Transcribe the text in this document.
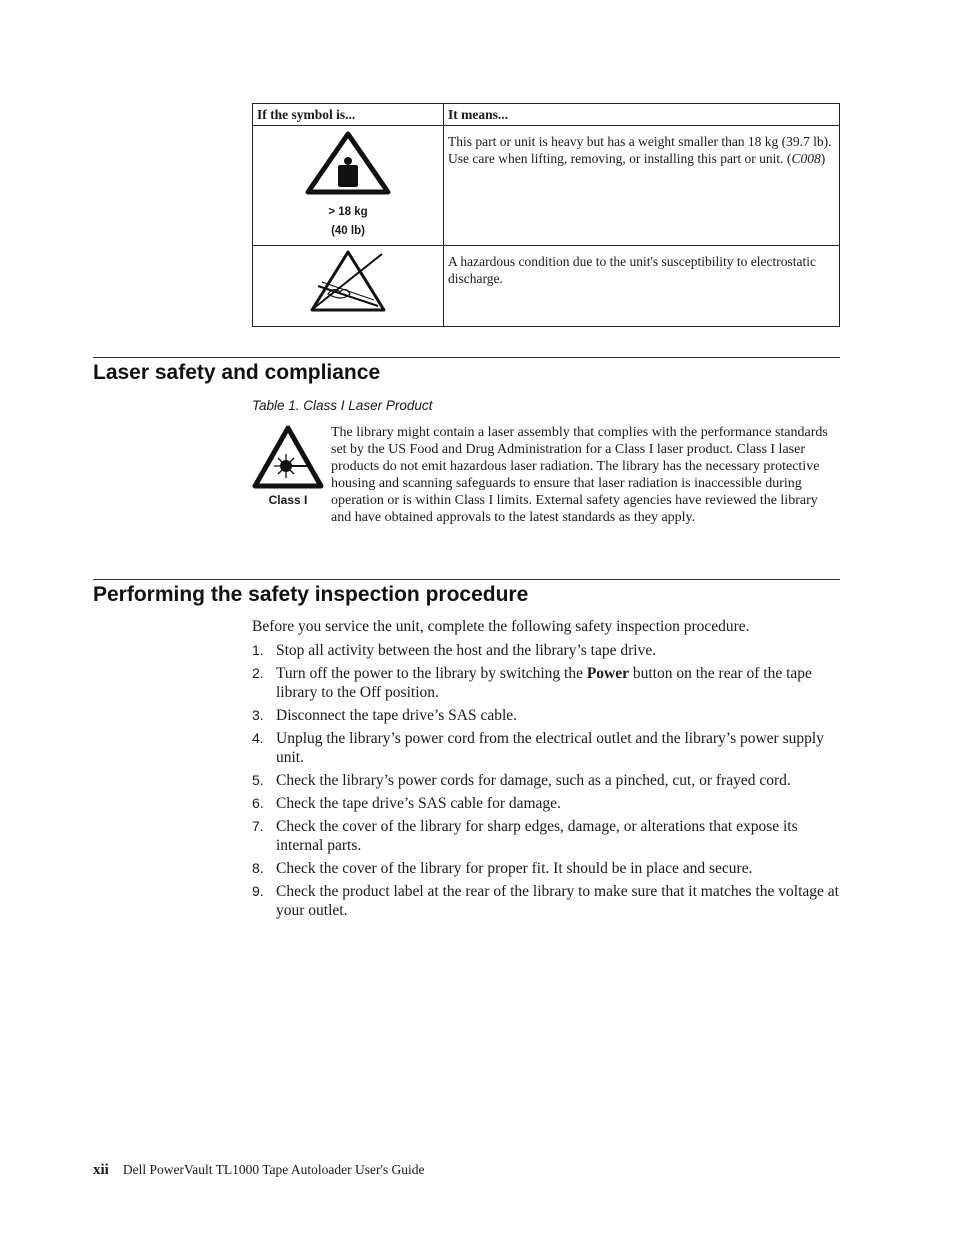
If the symbol is...	It means...

> 18 kg
(40 lb)	This part or unit is heavy but has a weight smaller than 18 kg (39.7 lb). Use care when lifting, removing, or installing this part or unit. (C008)
	A hazardous condition due to the unit's susceptibility to electrostatic discharge.
Laser safety and compliance
Table 1. Class I Laser Product
Class I
The library might contain a laser assembly that complies with the performance standards set by the US Food and Drug Administration for a Class I laser product. Class I laser products do not emit hazardous laser radiation. The library has the necessary protective housing and scanning safeguards to ensure that laser radiation is inaccessible during operation or is within Class I limits. External safety agencies have reviewed the library and have obtained approvals to the latest standards as they apply.
Performing the safety inspection procedure
Before you service the unit, complete the following safety inspection procedure.
1. Stop all activity between the host and the library’s tape drive.
2. Turn off the power to the library by switching the Power button on the rear of the tape library to the Off position.
3. Disconnect the tape drive’s SAS cable.
4. Unplug the library’s power cord from the electrical outlet and the library’s power supply unit.
5. Check the library’s power cords for damage, such as a pinched, cut, or frayed cord.
6. Check the tape drive’s SAS cable for damage.
7. Check the cover of the library for sharp edges, damage, or alterations that expose its internal parts.
8. Check the cover of the library for proper fit. It should be in place and secure.
9. Check the product label at the rear of the library to make sure that it matches the voltage at your outlet.
xii Dell PowerVault TL1000 Tape Autoloader User's Guide
